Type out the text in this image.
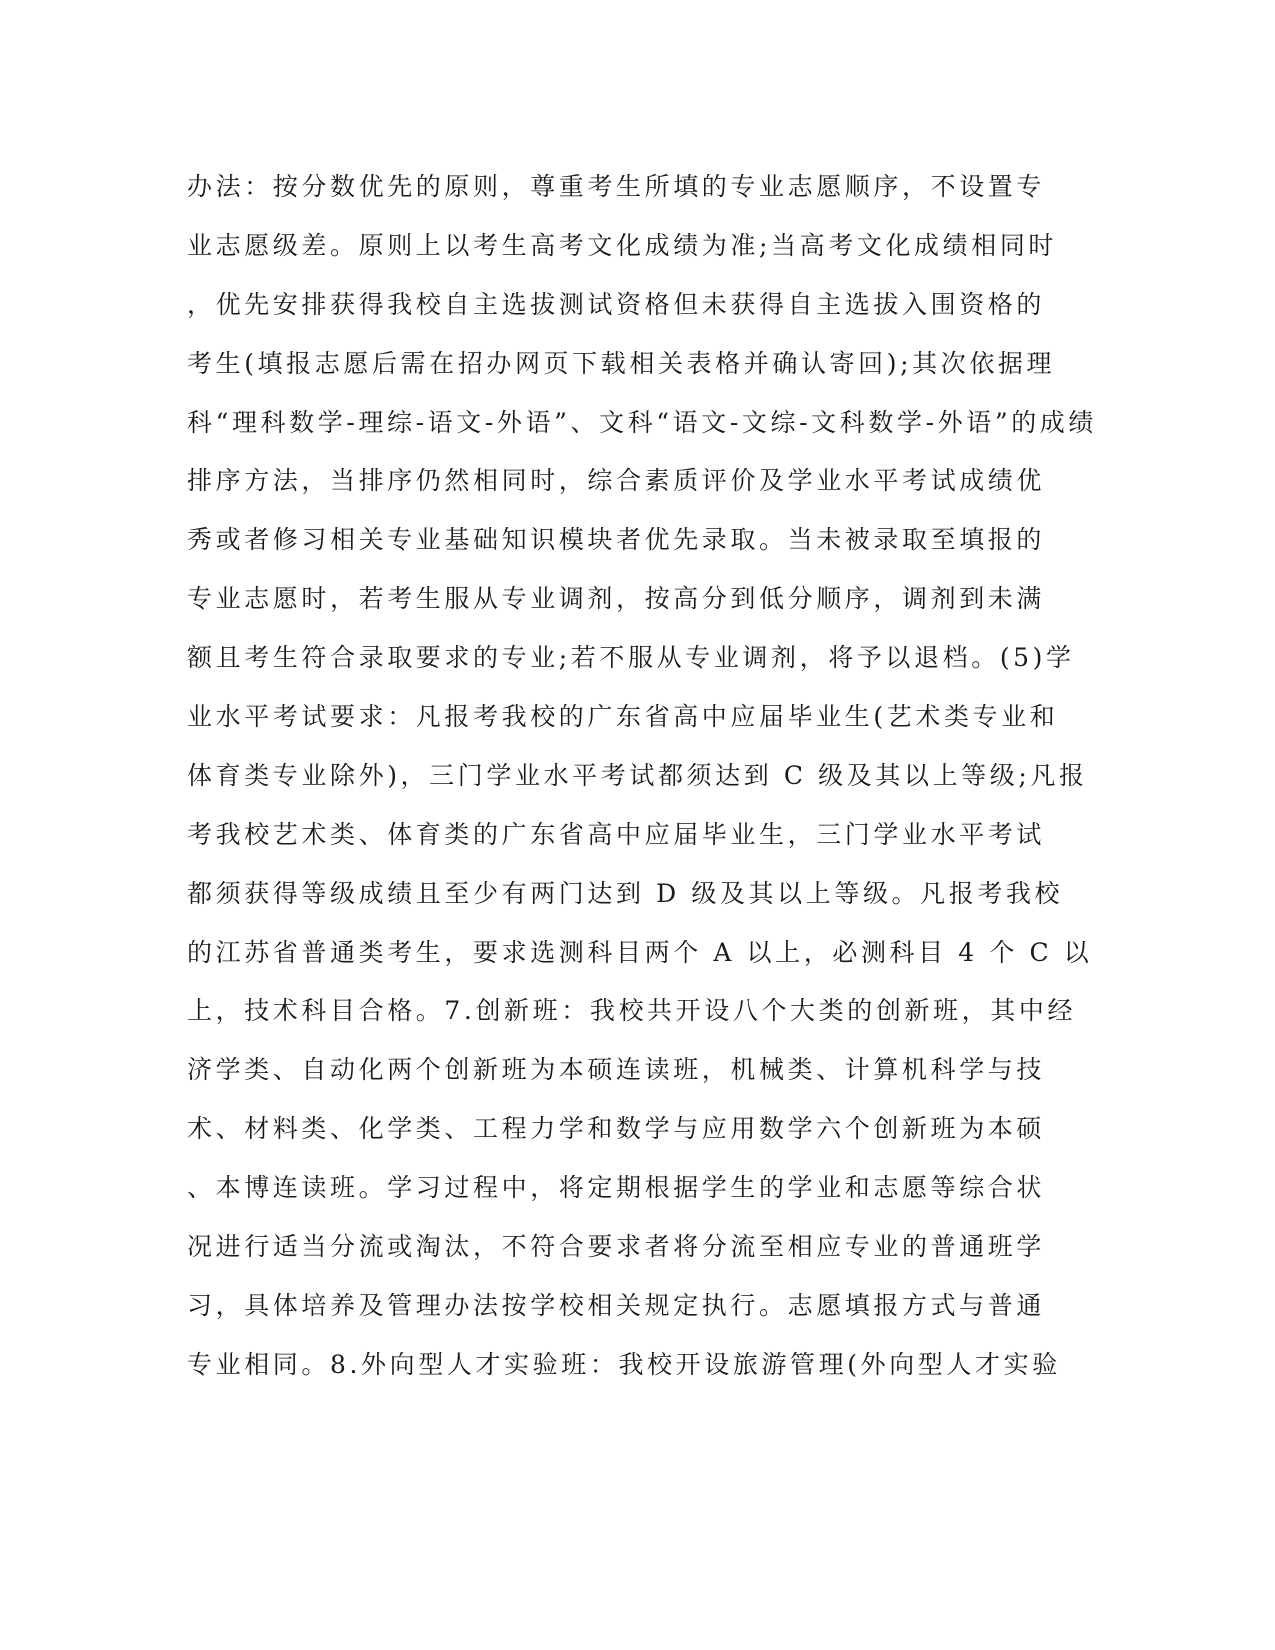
办法：按分数优先的原则，尊重考生所填的专业志愿顺序，不设置专
业志愿级差。原则上以考生高考文化成绩为准;当高考文化成绩相同时
，优先安排获得我校自主选拔测试资格但未获得自主选拔入围资格的
考生(填报志愿后需在招办网页下载相关表格并确认寄回);其次依据理
科“理科数学-理综-语文-外语”、文科“语文-文综-文科数学-外语”的成绩
排序方法，当排序仍然相同时，综合素质评价及学业水平考试成绩优
秀或者修习相关专业基础知识模块者优先录取。当未被录取至填报的
专业志愿时，若考生服从专业调剂，按高分到低分顺序，调剂到未满
额且考生符合录取要求的专业;若不服从专业调剂，将予以退档。(5)学
业水平考试要求：凡报考我校的广东省高中应届毕业生(艺术类专业和
体育类专业除外)，三门学业水平考试都须达到 C 级及其以上等级;凡报
考我校艺术类、体育类的广东省高中应届毕业生，三门学业水平考试
都须获得等级成绩且至少有两门达到 D 级及其以上等级。凡报考我校
的江苏省普通类考生，要求选测科目两个 A 以上，必测科目 4 个 C 以
上，技术科目合格。7.创新班：我校共开设八个大类的创新班，其中经
济学类、自动化两个创新班为本硕连读班，机械类、计算机科学与技
术、材料类、化学类、工程力学和数学与应用数学六个创新班为本硕
、本博连读班。学习过程中，将定期根据学生的学业和志愿等综合状
况进行适当分流或淘汰，不符合要求者将分流至相应专业的普通班学
习，具体培养及管理办法按学校相关规定执行。志愿填报方式与普通
专业相同。8.外向型人才实验班：我校开设旅游管理(外向型人才实验
